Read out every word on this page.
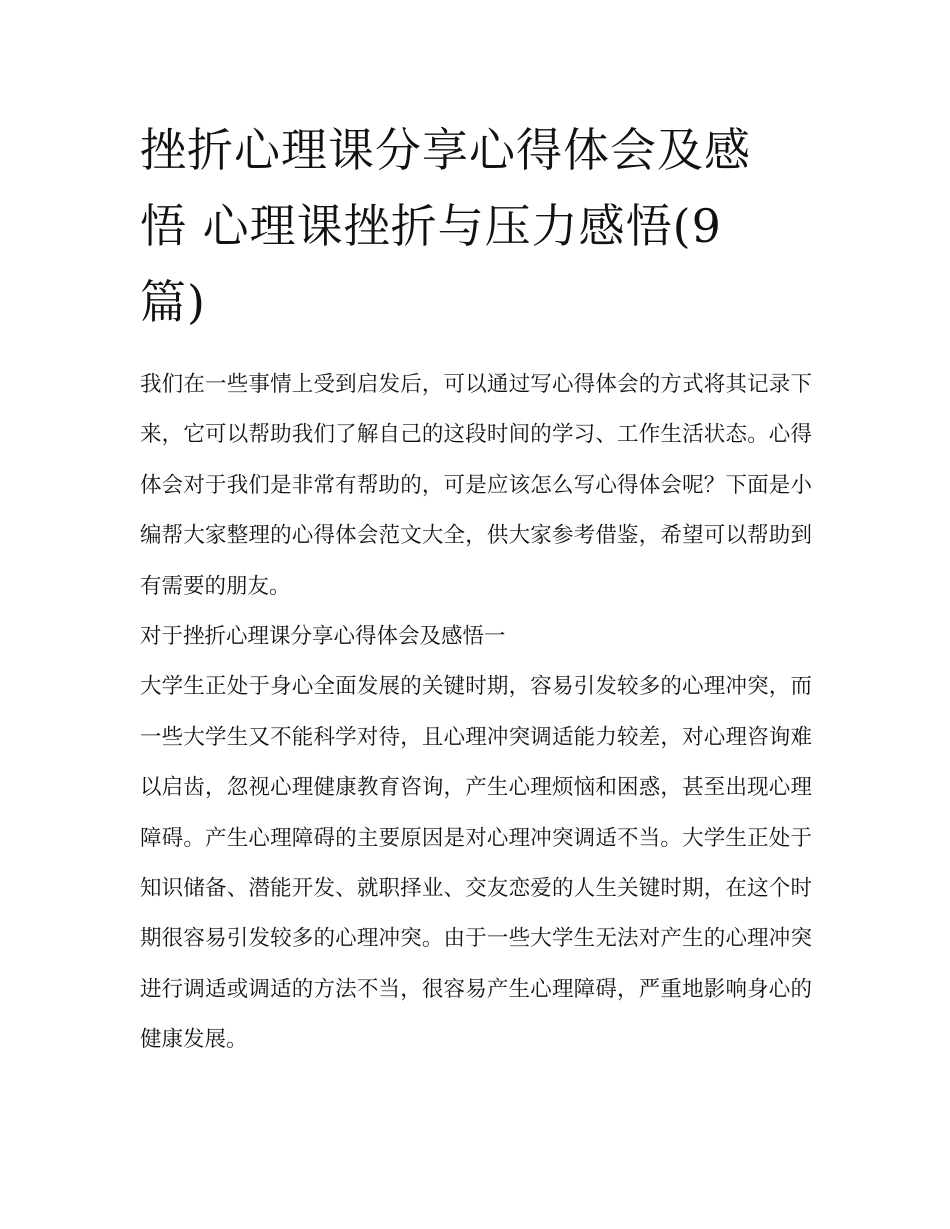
挫折心理课分享心得体会及感
悟 心理课挫折与压力感悟(9
篇)

我们在一些事情上受到启发后，可以通过写心得体会的方式将其记录下来，它可以帮助我们了解自己的这段时间的学习、工作生活状态。心得体会对于我们是非常有帮助的，可是应该怎么写心得体会呢？下面是小编帮大家整理的心得体会范文大全，供大家参考借鉴，希望可以帮助到有需要的朋友。

对于挫折心理课分享心得体会及感悟一

大学生正处于身心全面发展的关键时期，容易引发较多的心理冲突，而一些大学生又不能科学对待，且心理冲突调适能力较差，对心理咨询难以启齿，忽视心理健康教育咨询，产生心理烦恼和困惑，甚至出现心理障碍。产生心理障碍的主要原因是对心理冲突调适不当。大学生正处于知识储备、潜能开发、就职择业、交友恋爱的人生关键时期，在这个时期很容易引发较多的心理冲突。由于一些大学生无法对产生的心理冲突进行调适或调适的方法不当，很容易产生心理障碍，严重地影响身心的健康发展。
